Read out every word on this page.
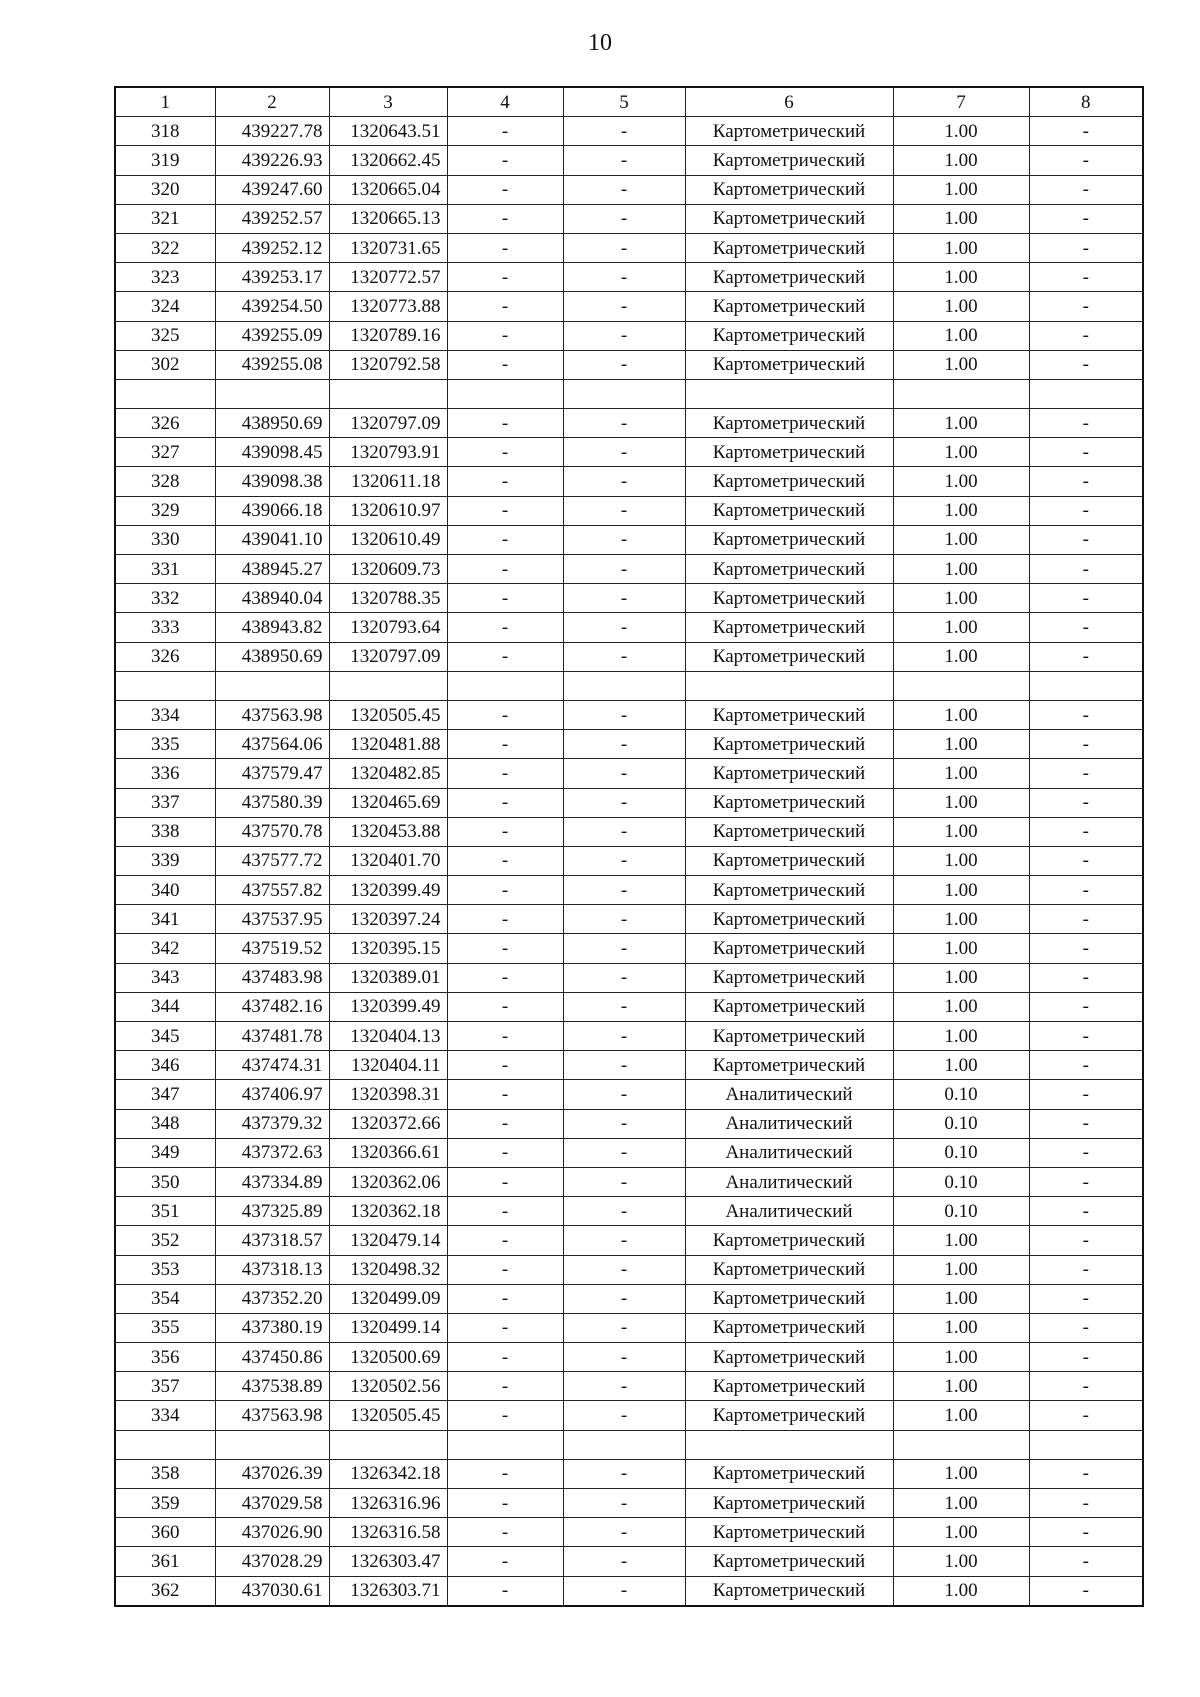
10
1	2	3	4	5	6	7	8
318	439227.78	1320643.51	-	-	Картометрический	1.00	-
319	439226.93	1320662.45	-	-	Картометрический	1.00	-
320	439247.60	1320665.04	-	-	Картометрический	1.00	-
321	439252.57	1320665.13	-	-	Картометрический	1.00	-
322	439252.12	1320731.65	-	-	Картометрический	1.00	-
323	439253.17	1320772.57	-	-	Картометрический	1.00	-
324	439254.50	1320773.88	-	-	Картометрический	1.00	-
325	439255.09	1320789.16	-	-	Картометрический	1.00	-
302	439255.08	1320792.58	-	-	Картометрический	1.00	-

326	438950.69	1320797.09	-	-	Картометрический	1.00	-
327	439098.45	1320793.91	-	-	Картометрический	1.00	-
328	439098.38	1320611.18	-	-	Картометрический	1.00	-
329	439066.18	1320610.97	-	-	Картометрический	1.00	-
330	439041.10	1320610.49	-	-	Картометрический	1.00	-
331	438945.27	1320609.73	-	-	Картометрический	1.00	-
332	438940.04	1320788.35	-	-	Картометрический	1.00	-
333	438943.82	1320793.64	-	-	Картометрический	1.00	-
326	438950.69	1320797.09	-	-	Картометрический	1.00	-

334	437563.98	1320505.45	-	-	Картометрический	1.00	-
335	437564.06	1320481.88	-	-	Картометрический	1.00	-
336	437579.47	1320482.85	-	-	Картометрический	1.00	-
337	437580.39	1320465.69	-	-	Картометрический	1.00	-
338	437570.78	1320453.88	-	-	Картометрический	1.00	-
339	437577.72	1320401.70	-	-	Картометрический	1.00	-
340	437557.82	1320399.49	-	-	Картометрический	1.00	-
341	437537.95	1320397.24	-	-	Картометрический	1.00	-
342	437519.52	1320395.15	-	-	Картометрический	1.00	-
343	437483.98	1320389.01	-	-	Картометрический	1.00	-
344	437482.16	1320399.49	-	-	Картометрический	1.00	-
345	437481.78	1320404.13	-	-	Картометрический	1.00	-
346	437474.31	1320404.11	-	-	Картометрический	1.00	-
347	437406.97	1320398.31	-	-	Аналитический	0.10	-
348	437379.32	1320372.66	-	-	Аналитический	0.10	-
349	437372.63	1320366.61	-	-	Аналитический	0.10	-
350	437334.89	1320362.06	-	-	Аналитический	0.10	-
351	437325.89	1320362.18	-	-	Аналитический	0.10	-
352	437318.57	1320479.14	-	-	Картометрический	1.00	-
353	437318.13	1320498.32	-	-	Картометрический	1.00	-
354	437352.20	1320499.09	-	-	Картометрический	1.00	-
355	437380.19	1320499.14	-	-	Картометрический	1.00	-
356	437450.86	1320500.69	-	-	Картометрический	1.00	-
357	437538.89	1320502.56	-	-	Картометрический	1.00	-
334	437563.98	1320505.45	-	-	Картометрический	1.00	-

358	437026.39	1326342.18	-	-	Картометрический	1.00	-
359	437029.58	1326316.96	-	-	Картометрический	1.00	-
360	437026.90	1326316.58	-	-	Картометрический	1.00	-
361	437028.29	1326303.47	-	-	Картометрический	1.00	-
362	437030.61	1326303.71	-	-	Картометрический	1.00	-
